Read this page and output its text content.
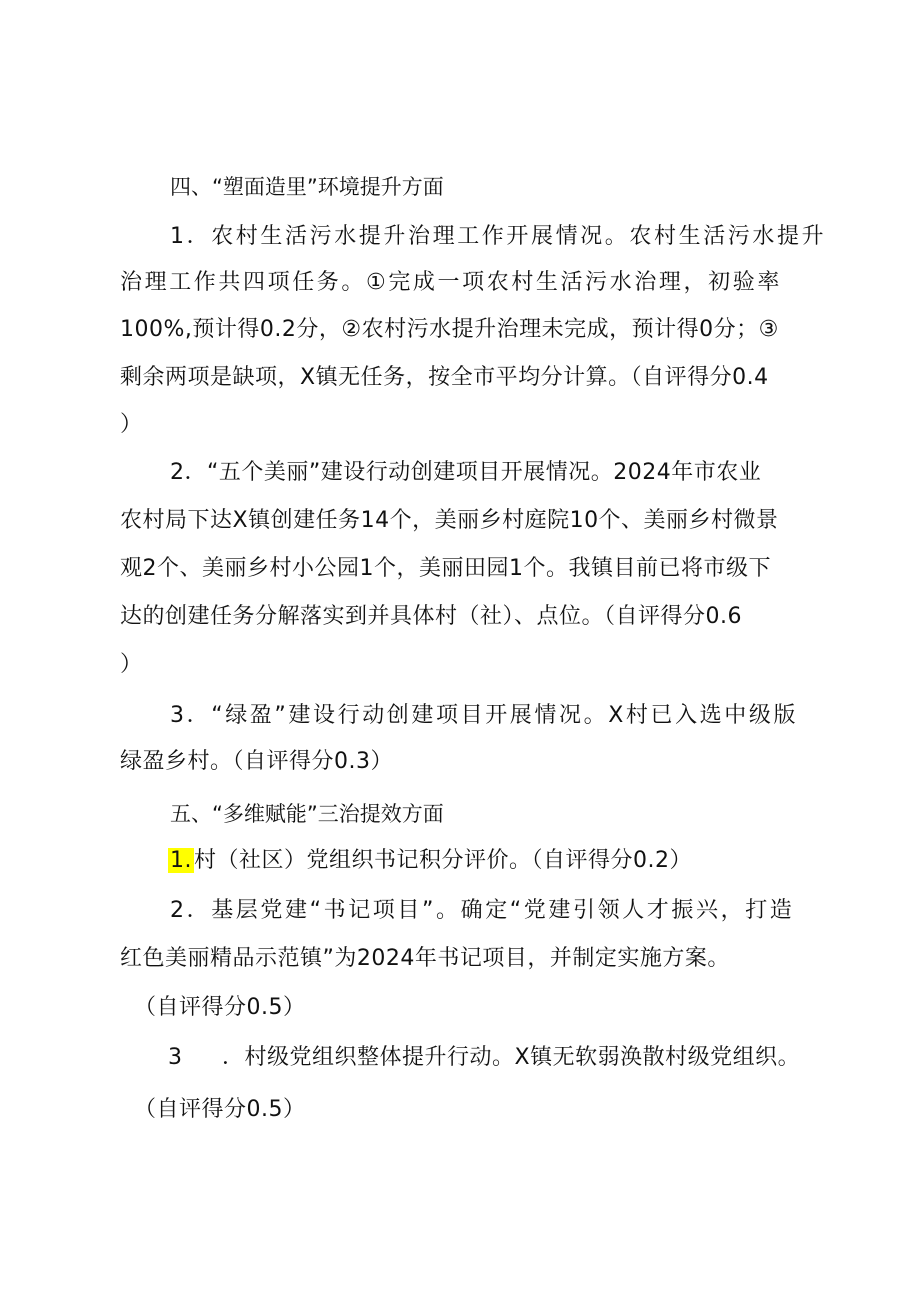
四、“塑面造里”环境提升方面
1．农村生活污水提升治理工作开展情况。农村生活污水提升
治理工作共四项任务。①完成一项农村生活污水治理，初验率
100%,预计得0.2分，②农村污水提升治理未完成，预计得0分；③
剩余两项是缺项，X镇无任务，按全市平均分计算。（自评得分0.4
）
2．“五个美丽”建设行动创建项目开展情况。2024年市农业
农村局下达X镇创建任务14个，美丽乡村庭院10个、美丽乡村微景
观2个、美丽乡村小公园1个，美丽田园1个。我镇目前已将市级下
达的创建任务分解落实到并具体村（社）、点位。（自评得分0.6
）
3．“绿盈”建设行动创建项目开展情况。X村已入选中级版
绿盈乡村。（自评得分0.3）
五、“多维赋能”三治提效方面
1.村（社区）党组织书记积分评价。（自评得分0.2）
2．基层党建“书记项目”。确定“党建引领人才振兴，打造
红色美丽精品示范镇”为2024年书记项目，并制定实施方案。
（自评得分0.5）
3 ．村级党组织整体提升行动。X镇无软弱涣散村级党组织。
（自评得分0.5）
